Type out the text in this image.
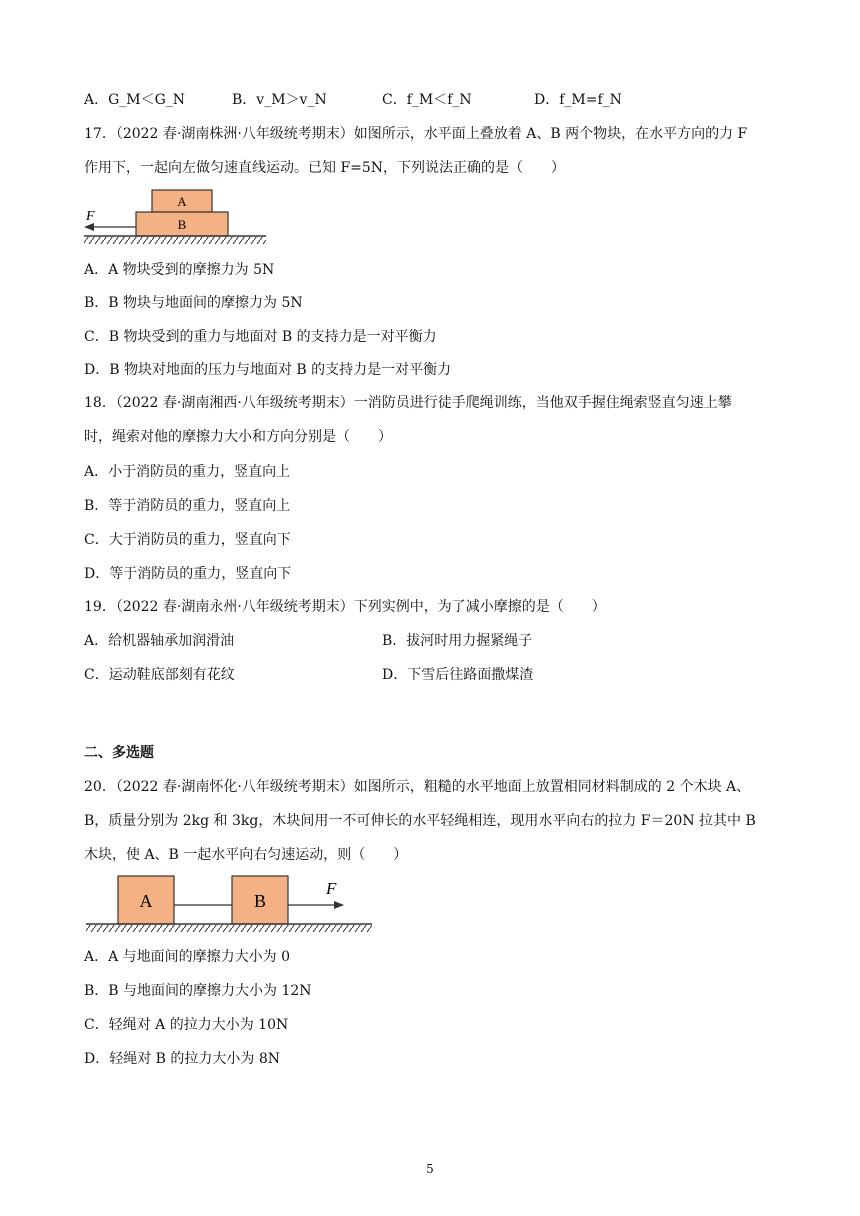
A．G_M＜G_N	B．v_M＞v_N	C．f_M＜f_N	D．f_M=f_N
17．（2022 春·湖南株洲·八年级统考期末）如图所示，水平面上叠放着 A、B 两个物块，在水平方向的力 F
作用下，一起向左做匀速直线运动。已知 F=5N，下列说法正确的是（　　）
A
B
F
A．A 物块受到的摩擦力为 5N
B．B 物块与地面间的摩擦力为 5N
C．B 物块受到的重力与地面对 B 的支持力是一对平衡力
D．B 物块对地面的压力与地面对 B 的支持力是一对平衡力
18．（2022 春·湖南湘西·八年级统考期末）一消防员进行徒手爬绳训练，当他双手握住绳索竖直匀速上攀
时，绳索对他的摩擦力大小和方向分别是（　　）
A．小于消防员的重力，竖直向上
B．等于消防员的重力，竖直向上
C．大于消防员的重力，竖直向下
D．等于消防员的重力，竖直向下
19．（2022 春·湖南永州·八年级统考期末）下列实例中，为了减小摩擦的是（　　）
A．给机器轴承加润滑油	B．拔河时用力握紧绳子
C．运动鞋底部刻有花纹	D．下雪后往路面撒煤渣
二、多选题
20．（2022 春·湖南怀化·八年级统考期末）如图所示，粗糙的水平地面上放置相同材料制成的 2 个木块 A、
B，质量分别为 2kg 和 3kg，木块间用一不可伸长的水平轻绳相连，现用水平向右的拉力 F＝20N 拉其中 B
木块，使 A、B 一起水平向右匀速运动，则（　　）
A	B
F
A．A 与地面间的摩擦力大小为 0
B．B 与地面间的摩擦力大小为 12N
C．轻绳对 A 的拉力大小为 10N
D．轻绳对 B 的拉力大小为 8N
5
